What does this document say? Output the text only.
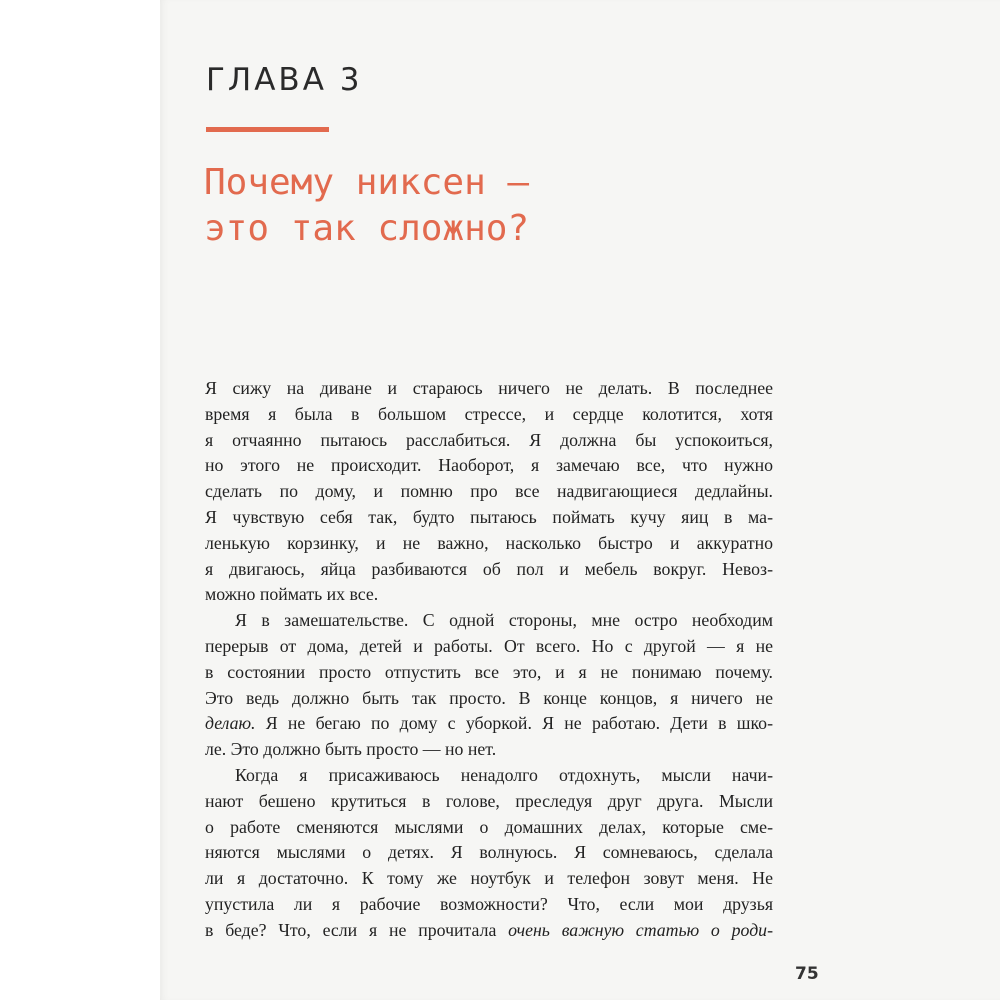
ГЛАВА 3
Почему никсен —
это так сложно?
Я сижу на диване и стараюсь ничего не делать. В последнее
время я была в большом стрессе, и сердце колотится, хотя
я отчаянно пытаюсь расслабиться. Я должна бы успокоиться,
но этого не происходит. Наоборот, я замечаю все, что нужно
сделать по дому, и помню про все надвигающиеся дедлайны.
Я чувствую себя так, будто пытаюсь поймать кучу яиц в ма-
ленькую корзинку, и не важно, насколько быстро и аккуратно
я двигаюсь, яйца разбиваются об пол и мебель вокруг. Невоз-
можно поймать их все.
Я в замешательстве. С одной стороны, мне остро необходим
перерыв от дома, детей и работы. От всего. Но с другой — я не
в состоянии просто отпустить все это, и я не понимаю почему.
Это ведь должно быть так просто. В конце концов, я ничего не
делаю. Я не бегаю по дому с уборкой. Я не работаю. Дети в шко-
ле. Это должно быть просто — но нет.
Когда я присаживаюсь ненадолго отдохнуть, мысли начи-
нают бешено крутиться в голове, преследуя друг друга. Мысли
о работе сменяются мыслями о домашних делах, которые сме-
няются мыслями о детях. Я волнуюсь. Я сомневаюсь, сделала
ли я достаточно. К тому же ноутбук и телефон зовут меня. Не
упустила ли я рабочие возможности? Что, если мои друзья
в беде? Что, если я не прочитала очень важную статью о роди-
75
